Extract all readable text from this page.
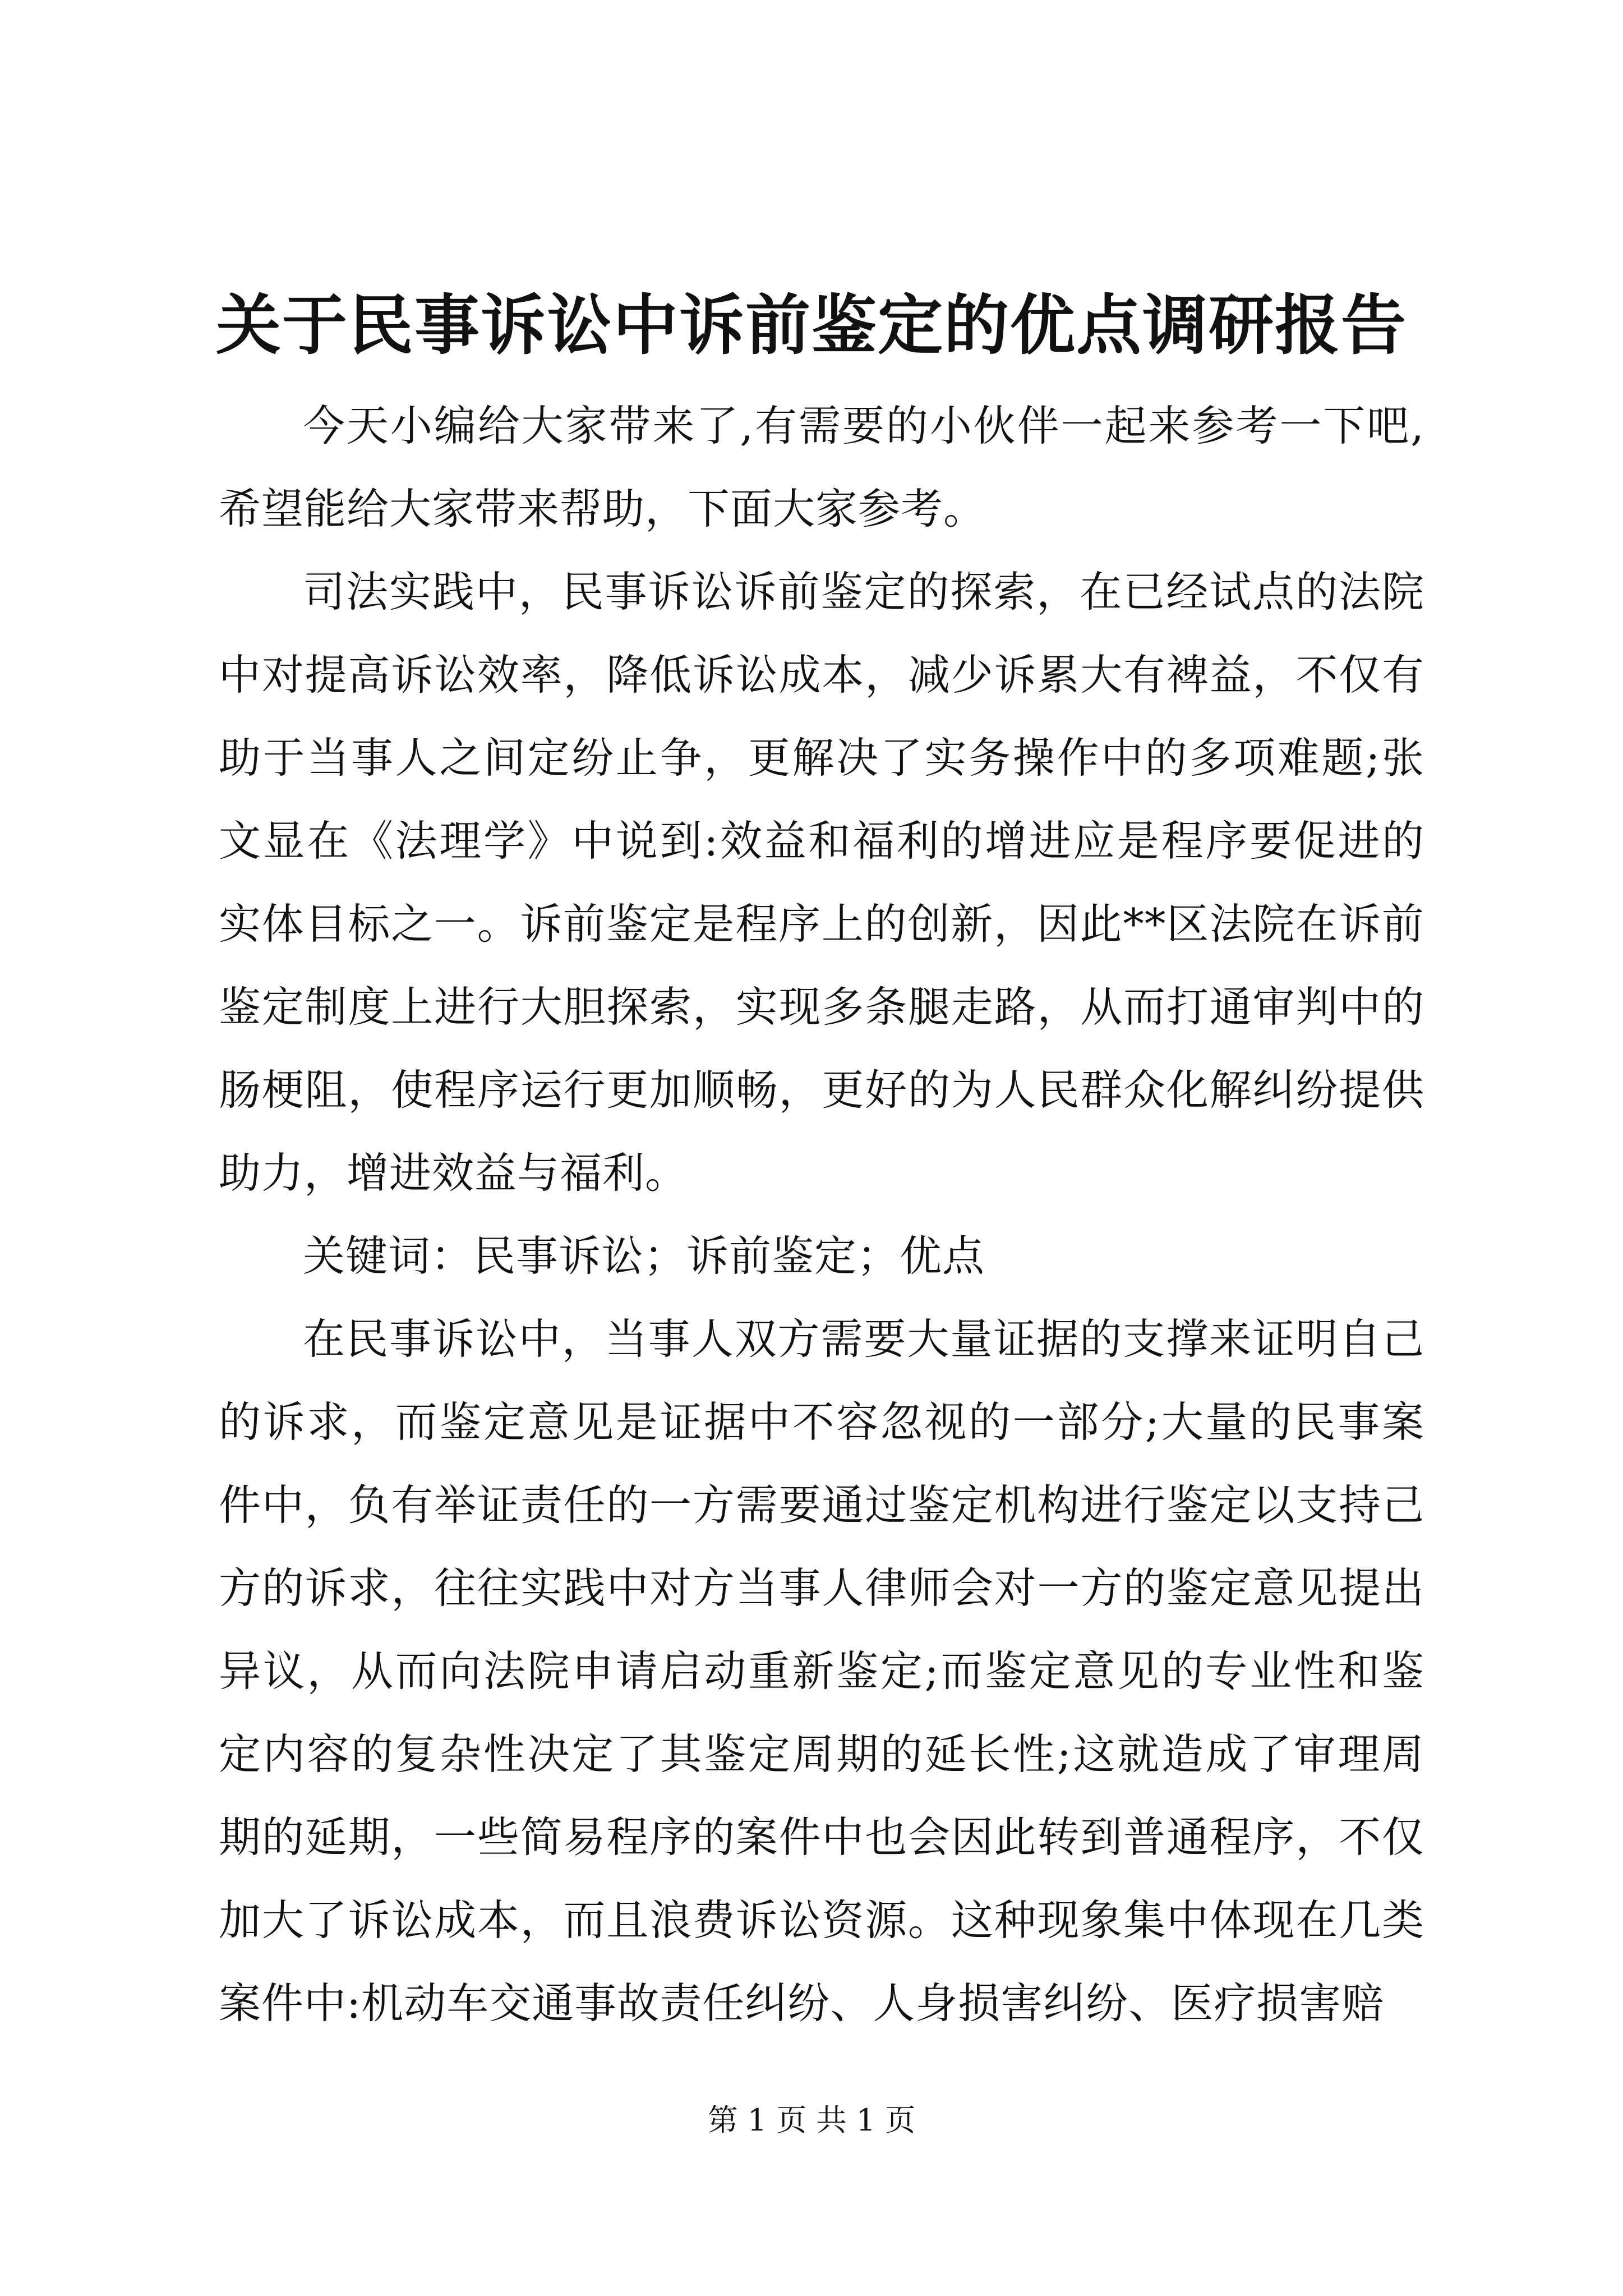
关于民事诉讼中诉前鉴定的优点调研报告

今天小编给大家带来了,有需要的小伙伴一起来参考一下吧,希望能给大家带来帮助，下面大家参考。

司法实践中，民事诉讼诉前鉴定的探索，在已经试点的法院中对提高诉讼效率，降低诉讼成本，减少诉累大有裨益，不仅有助于当事人之间定纷止争，更解决了实务操作中的多项难题;张文显在《法理学》中说到:效益和福利的增进应是程序要促进的实体目标之一。诉前鉴定是程序上的创新，因此**区法院在诉前鉴定制度上进行大胆探索，实现多条腿走路，从而打通审判中的肠梗阻，使程序运行更加顺畅，更好的为人民群众化解纠纷提供助力，增进效益与福利。

关键词：民事诉讼；诉前鉴定；优点

在民事诉讼中，当事人双方需要大量证据的支撑来证明自己的诉求，而鉴定意见是证据中不容忽视的一部分;大量的民事案件中，负有举证责任的一方需要通过鉴定机构进行鉴定以支持己方的诉求，往往实践中对方当事人律师会对一方的鉴定意见提出异议，从而向法院申请启动重新鉴定;而鉴定意见的专业性和鉴定内容的复杂性决定了其鉴定周期的延长性;这就造成了审理周期的延期，一些简易程序的案件中也会因此转到普通程序，不仅加大了诉讼成本，而且浪费诉讼资源。这种现象集中体现在几类案件中:机动车交通事故责任纠纷、人身损害纠纷、医疗损害赔

第 1 页 共 1 页
